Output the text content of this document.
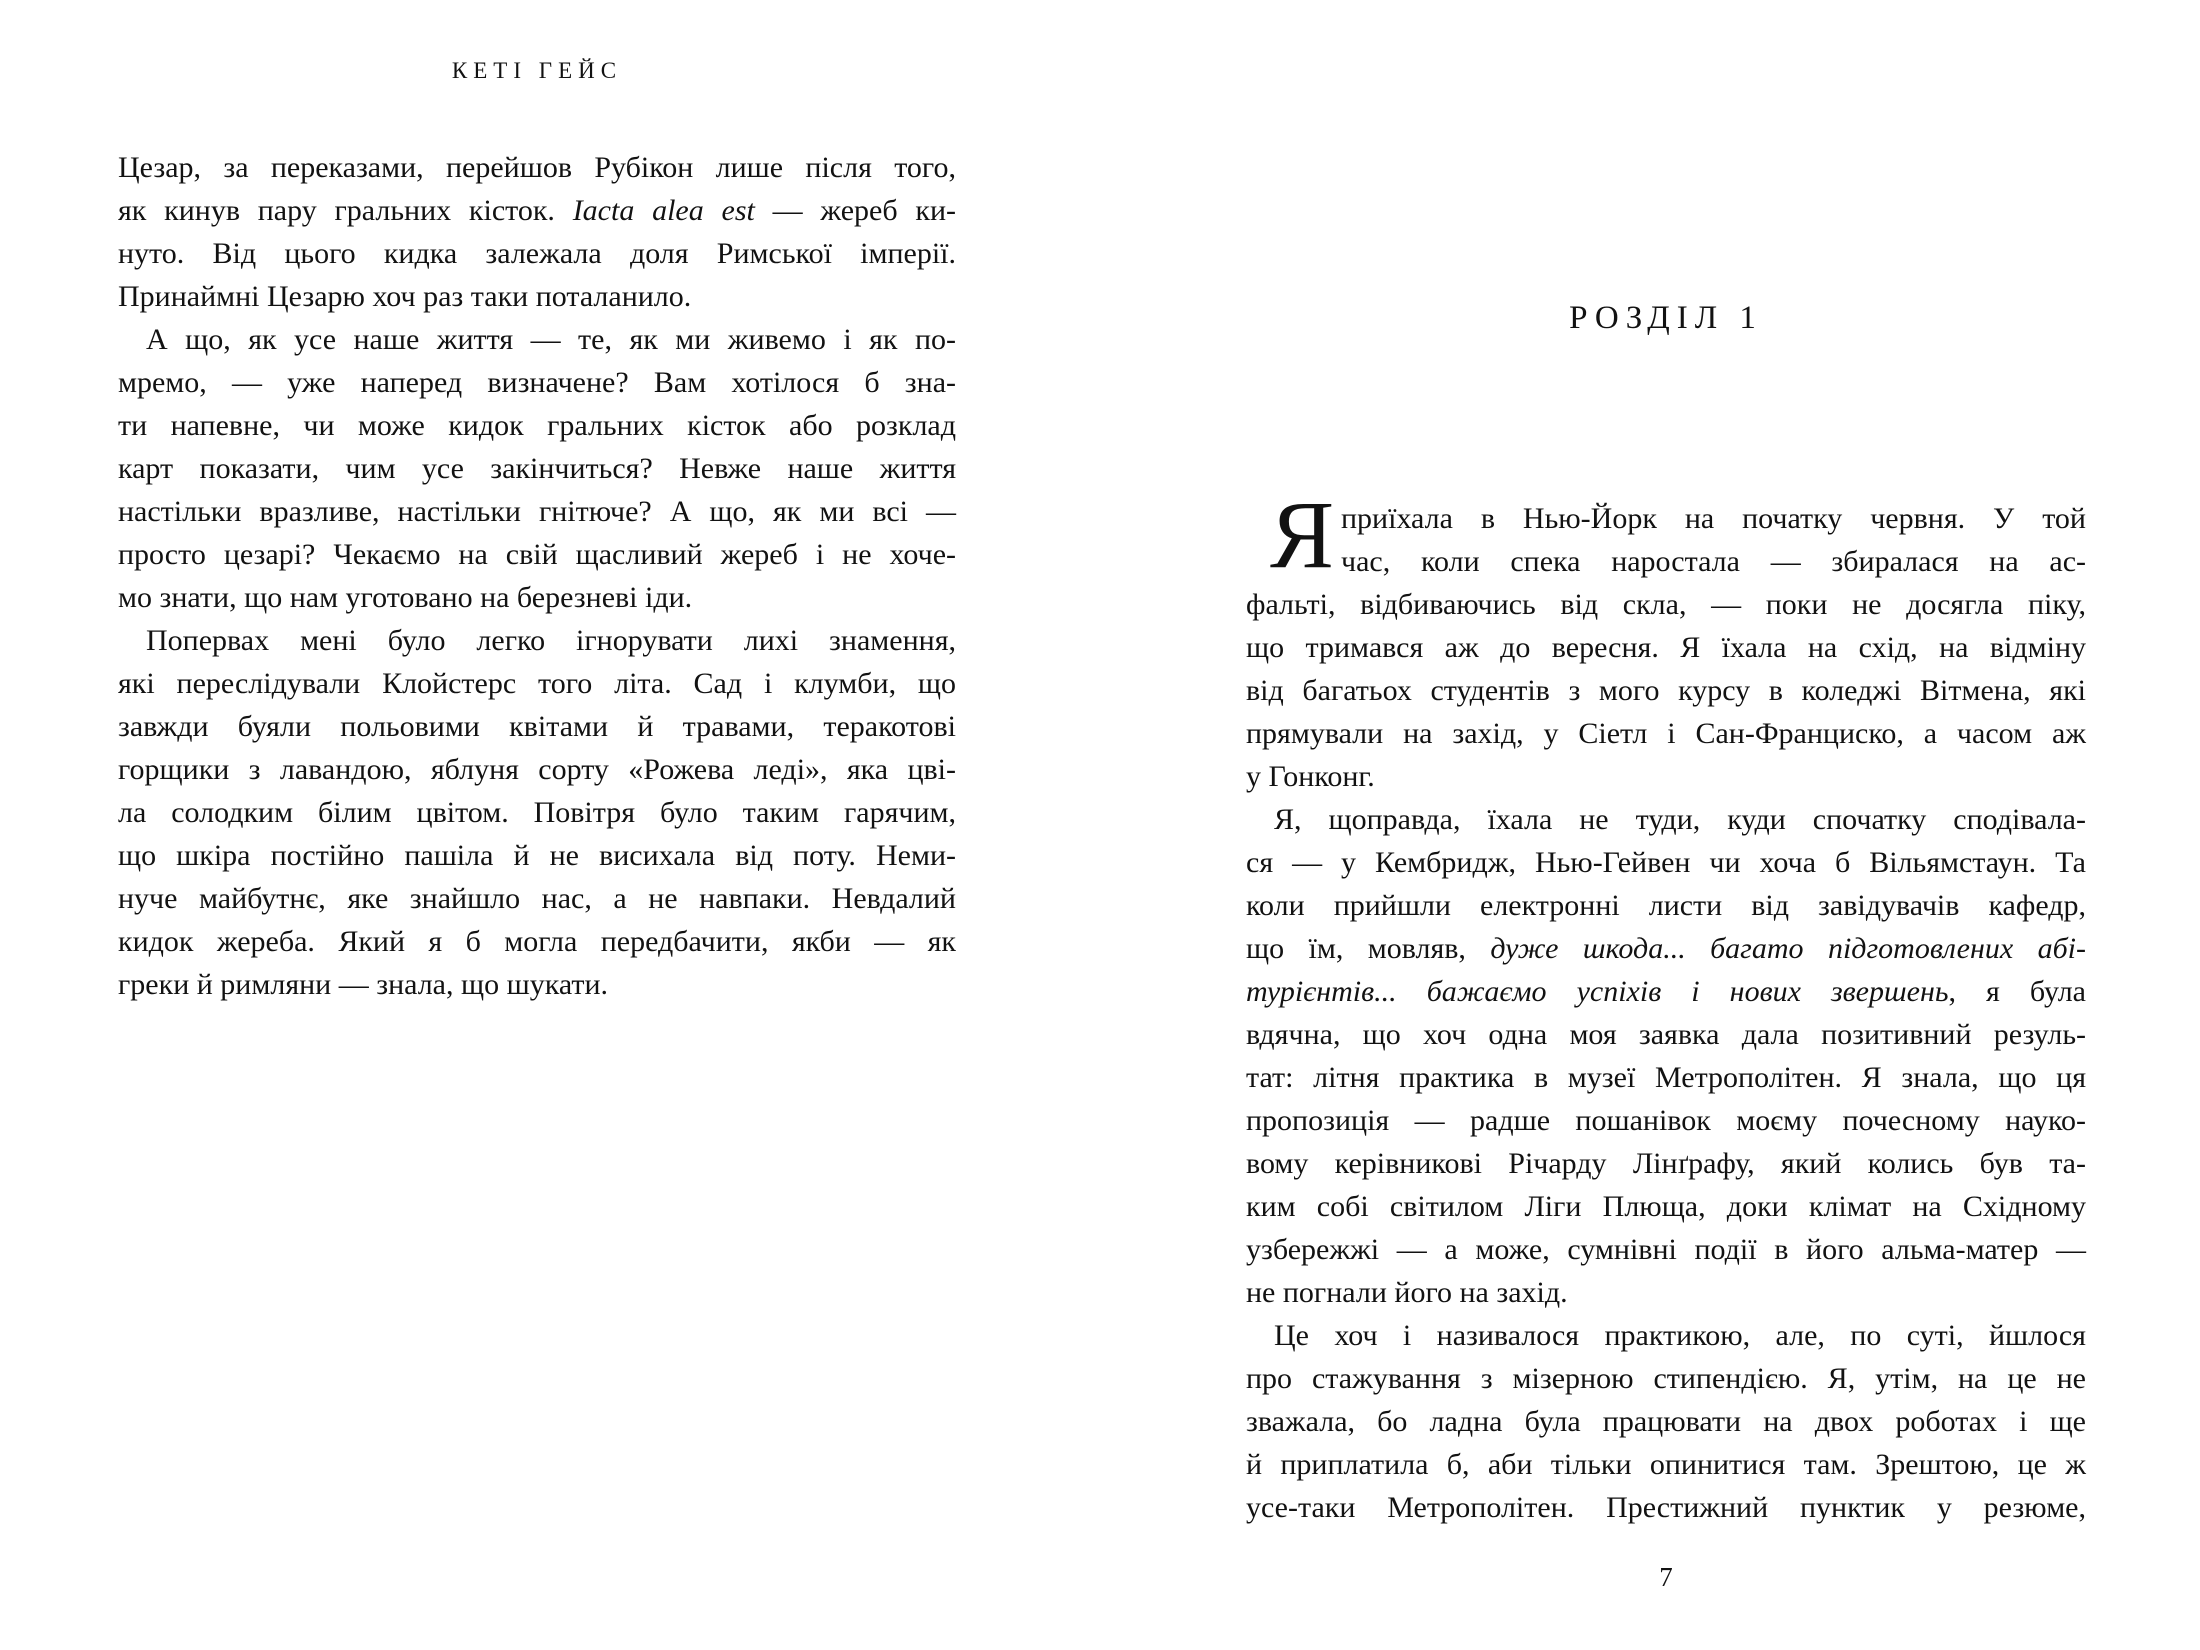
КЕТІ ГЕЙС
Цезар, за переказами, перейшов Рубікон лише після того,
як кинув пару гральних кісток. Iacta alea est — жереб ки-
нуто. Від цього кидка залежала доля Римської імперії.
Принаймні Цезарю хоч раз таки поталанило.
А що, як усе наше життя — те, як ми живемо і як по-
мремо, — уже наперед визначене? Вам хотілося б зна-
ти напевне, чи може кидок гральних кісток або розклад
карт показати, чим усе закінчиться? Невже наше життя
настільки вразливе, настільки гнітюче? А що, як ми всі —
просто цезарі? Чекаємо на свій щасливий жереб і не хоче-
мо знати, що нам уготовано на березневі іди.
Попервах мені було легко ігнорувати лихі знамення,
які переслідували Клойстерс того літа. Сад і клумби, що
завжди буяли польовими квітами й травами, теракотові
горщики з лавандою, яблуня сорту «Рожева леді», яка цві-
ла солодким білим цвітом. Повітря було таким гарячим,
що шкіра постійно пашіла й не висихала від поту. Неми-
нуче майбутнє, яке знайшло нас, а не навпаки. Невдалий
кидок жереба. Який я б могла передбачити, якби — як
греки й римляни — знала, що шукати.
РОЗДІЛ 1
Я приїхала в Нью-Йорк на початку червня. У той
час, коли спека наростала — збиралася на ас-
фальті, відбиваючись від скла, — поки не досягла піку,
що тримався аж до вересня. Я їхала на схід, на відміну
від багатьох студентів з мого курсу в коледжі Вітмена, які
прямували на захід, у Сіетл і Сан-Франциско, а часом аж
у Гонконг.
Я, щоправда, їхала не туди, куди спочатку сподівала-
ся — у Кембридж, Нью-Гейвен чи хоча б Вільямстаун. Та
коли прийшли електронні листи від завідувачів кафедр,
що їм, мовляв, дуже шкода... багато підготовлених абі-
турієнтів... бажаємо успіхів і нових звершень, я була
вдячна, що хоч одна моя заявка дала позитивний резуль-
тат: літня практика в музеї Метрополітен. Я знала, що ця
пропозиція — радше пошанівок моєму почесному науко-
вому керівникові Річарду Лінґрафу, який колись був та-
ким собі світилом Ліги Плюща, доки клімат на Східному
узбережжі — а може, сумнівні події в його альма-матер —
не погнали його на захід.
Це хоч і називалося практикою, але, по суті, йшлося
про стажування з мізерною стипендією. Я, утім, на це не
зважала, бо ладна була працювати на двох роботах і ще
й приплатила б, аби тільки опинитися там. Зрештою, це ж
усе-таки Метрополітен. Престижний пунктик у резюме,
7
